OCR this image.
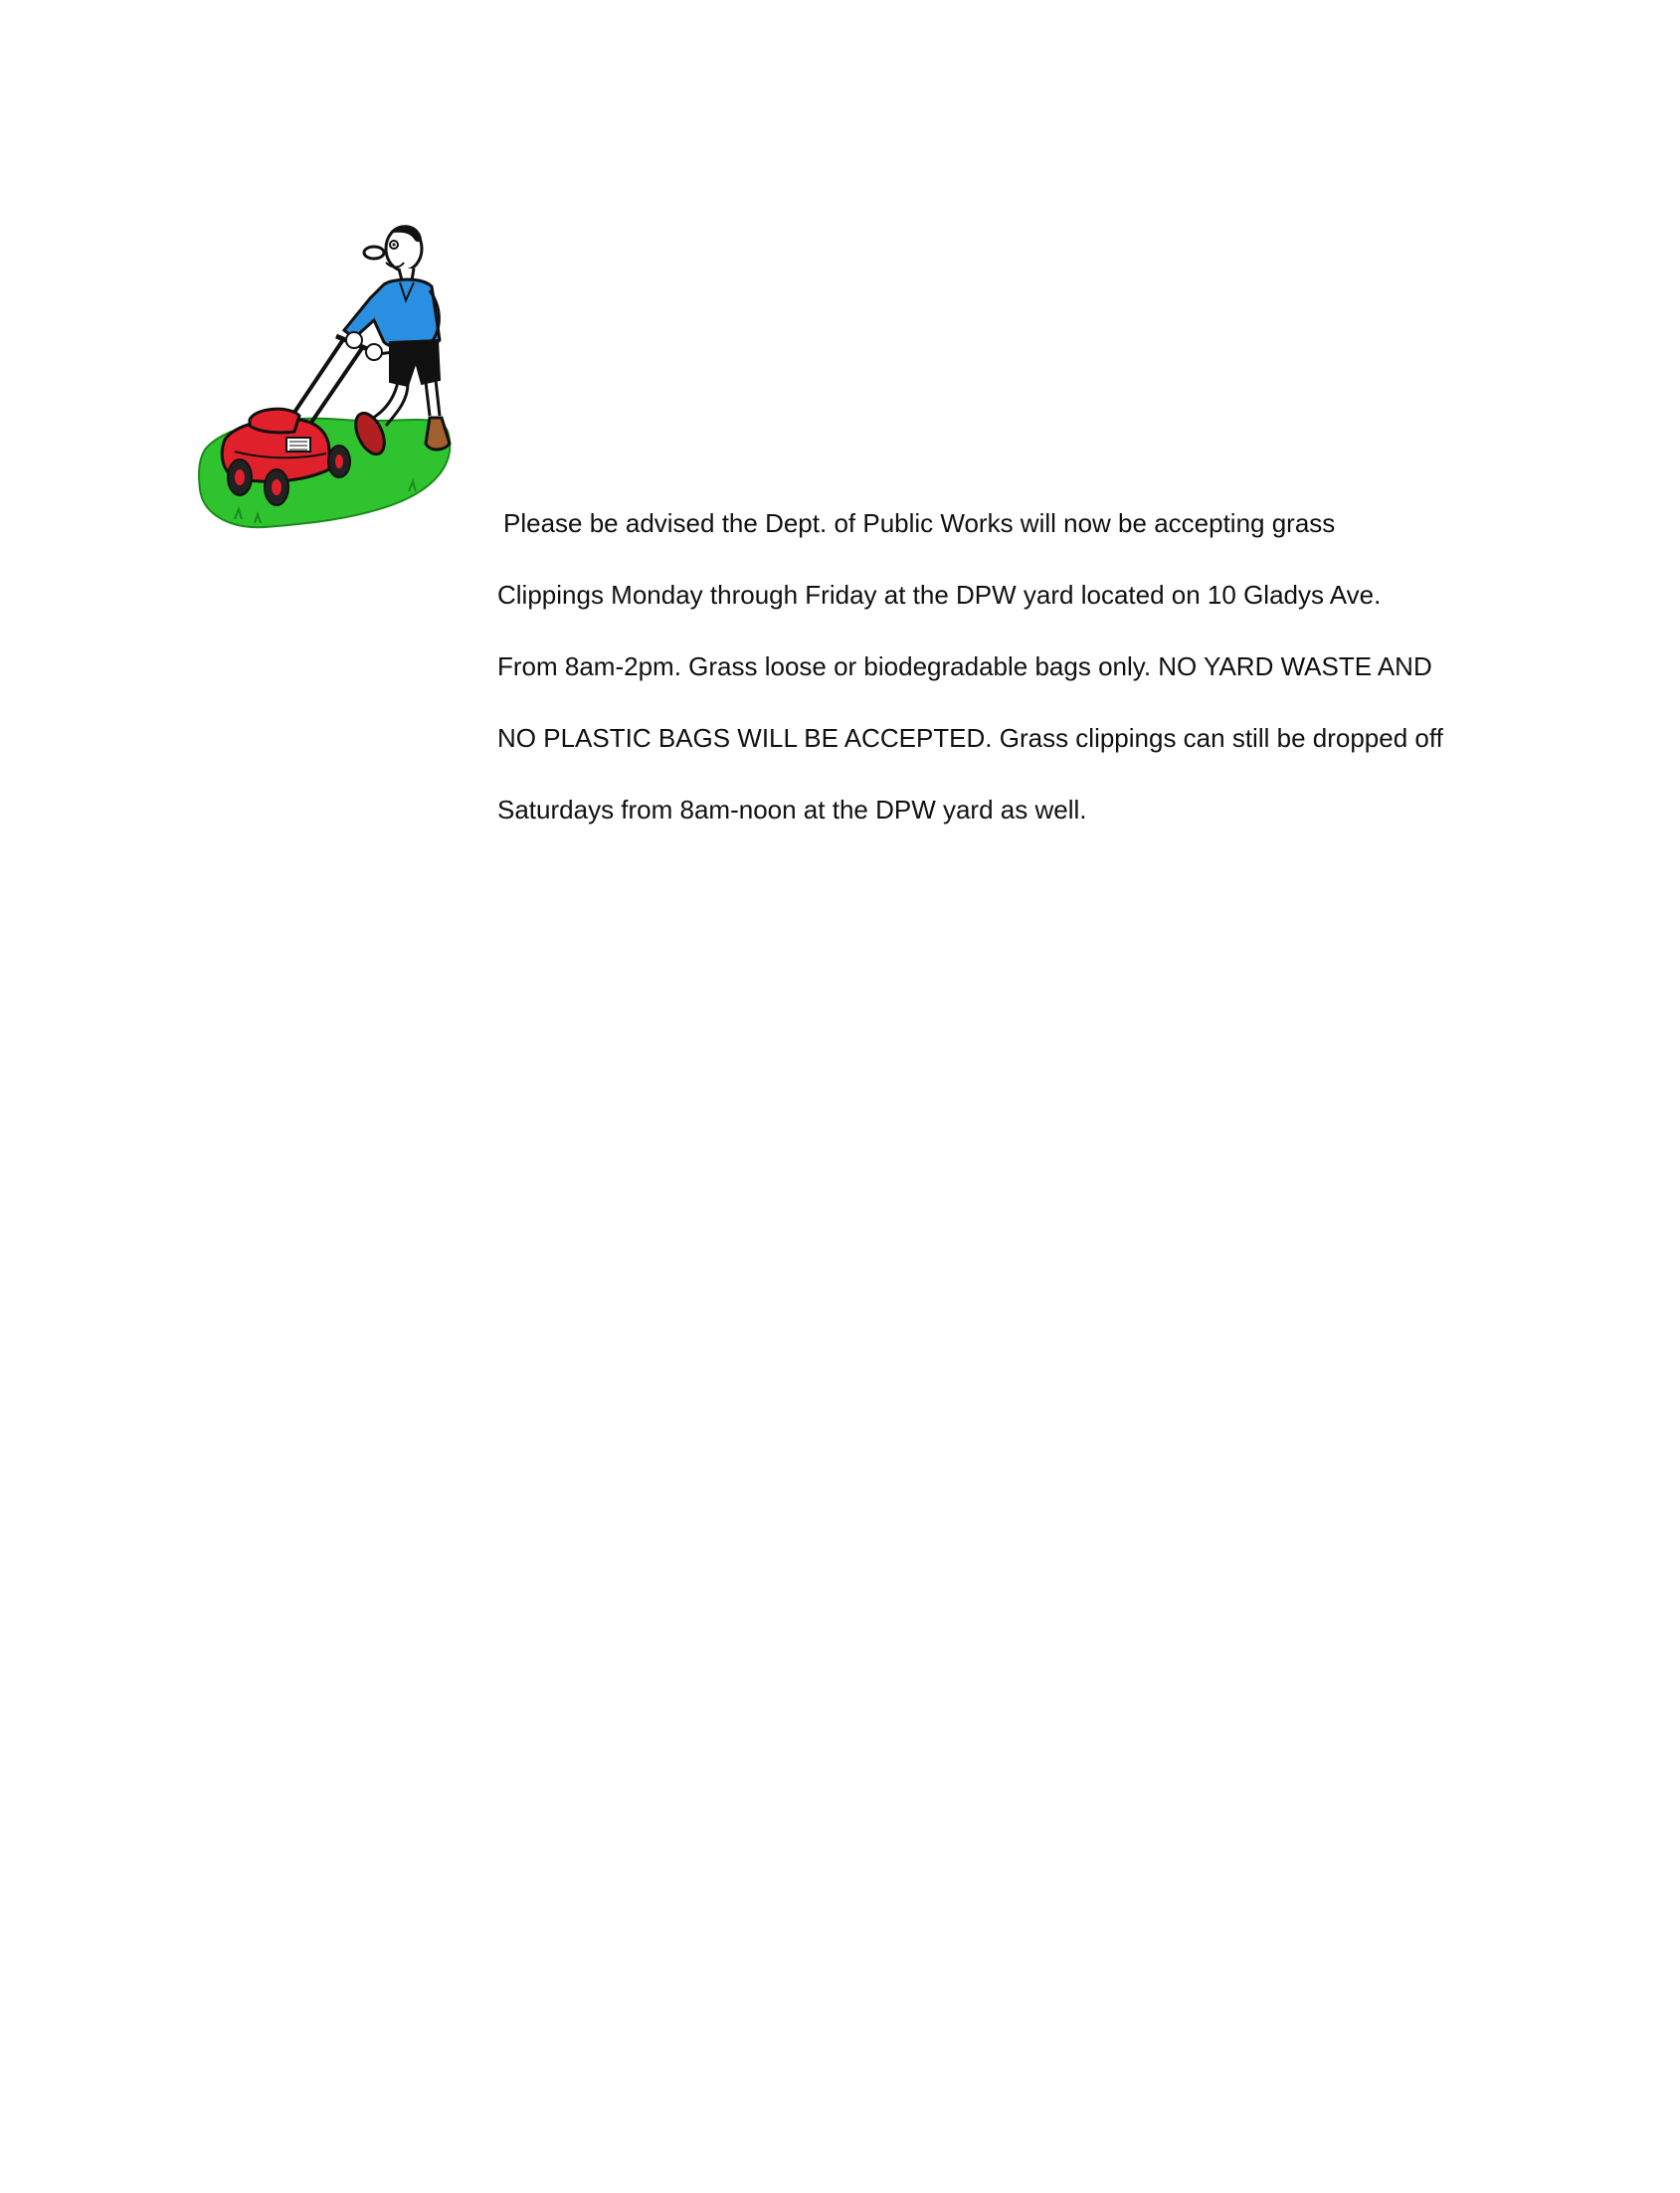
Please be advised the Dept. of Public Works will now be accepting grass
Clippings Monday through Friday at the DPW yard located on 10 Gladys Ave.
From 8am-2pm. Grass loose or biodegradable bags only. NO YARD WASTE AND
NO PLASTIC BAGS WILL BE ACCEPTED. Grass clippings can still be dropped off
Saturdays from 8am-noon at the DPW yard as well.
